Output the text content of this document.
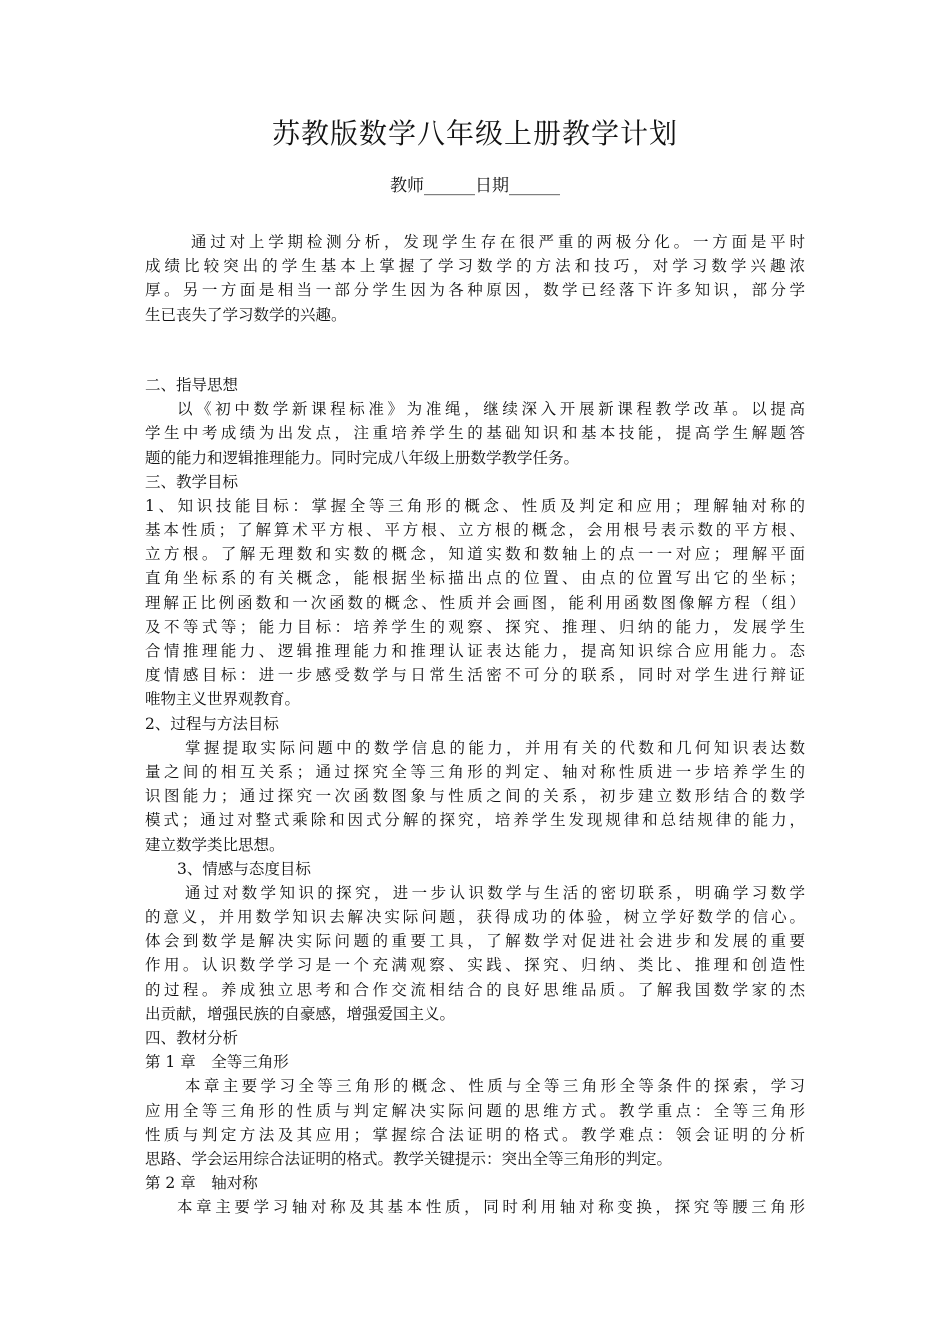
苏教版数学八年级上册教学计划
教师______日期______
通过对上学期检测分析，发现学生存在很严重的两极分化。一方面是平时
成绩比较突出的学生基本上掌握了学习数学的方法和技巧，对学习数学兴趣浓
厚。另一方面是相当一部分学生因为各种原因，数学已经落下许多知识，部分学
生已丧失了学习数学的兴趣。
二、指导思想
以《初中数学新课程标准》为准绳，继续深入开展新课程教学改革。以提高
学生中考成绩为出发点，注重培养学生的基础知识和基本技能，提高学生解题答
题的能力和逻辑推理能力。同时完成八年级上册数学教学任务。
三、教学目标
1、知识技能目标：掌握全等三角形的概念、性质及判定和应用；理解轴对称的
基本性质；了解算术平方根、平方根、立方根的概念，会用根号表示数的平方根、
立方根。了解无理数和实数的概念，知道实数和数轴上的点一一对应；理解平面
直角坐标系的有关概念，能根据坐标描出点的位置、由点的位置写出它的坐标；
理解正比例函数和一次函数的概念、性质并会画图，能利用函数图像解方程（组）
及不等式等；能力目标：培养学生的观察、探究、推理、归纳的能力，发展学生
合情推理能力、逻辑推理能力和推理认证表达能力，提高知识综合应用能力。态
度情感目标：进一步感受数学与日常生活密不可分的联系，同时对学生进行辩证
唯物主义世界观教育。
2、过程与方法目标
掌握提取实际问题中的数学信息的能力，并用有关的代数和几何知识表达数
量之间的相互关系；通过探究全等三角形的判定、轴对称性质进一步培养学生的
识图能力；通过探究一次函数图象与性质之间的关系，初步建立数形结合的数学
模式；通过对整式乘除和因式分解的探究，培养学生发现规律和总结规律的能力，
建立数学类比思想。
3、情感与态度目标
通过对数学知识的探究，进一步认识数学与生活的密切联系，明确学习数学
的意义，并用数学知识去解决实际问题，获得成功的体验，树立学好数学的信心。
体会到数学是解决实际问题的重要工具，了解数学对促进社会进步和发展的重要
作用。认识数学学习是一个充满观察、实践、探究、归纳、类比、推理和创造性
的过程。养成独立思考和合作交流相结合的良好思维品质。了解我国数学家的杰
出贡献，增强民族的自豪感，增强爱国主义。
四、教材分析
第 1 章　全等三角形
本章主要学习全等三角形的概念、性质与全等三角形全等条件的探索，学习
应用全等三角形的性质与判定解决实际问题的思维方式。教学重点：全等三角形
性质与判定方法及其应用；掌握综合法证明的格式。教学难点：领会证明的分析
思路、学会运用综合法证明的格式。教学关键提示：突出全等三角形的判定。
第 2 章　轴对称
本章主要学习轴对称及其基本性质，同时利用轴对称变换，探究等腰三角形
